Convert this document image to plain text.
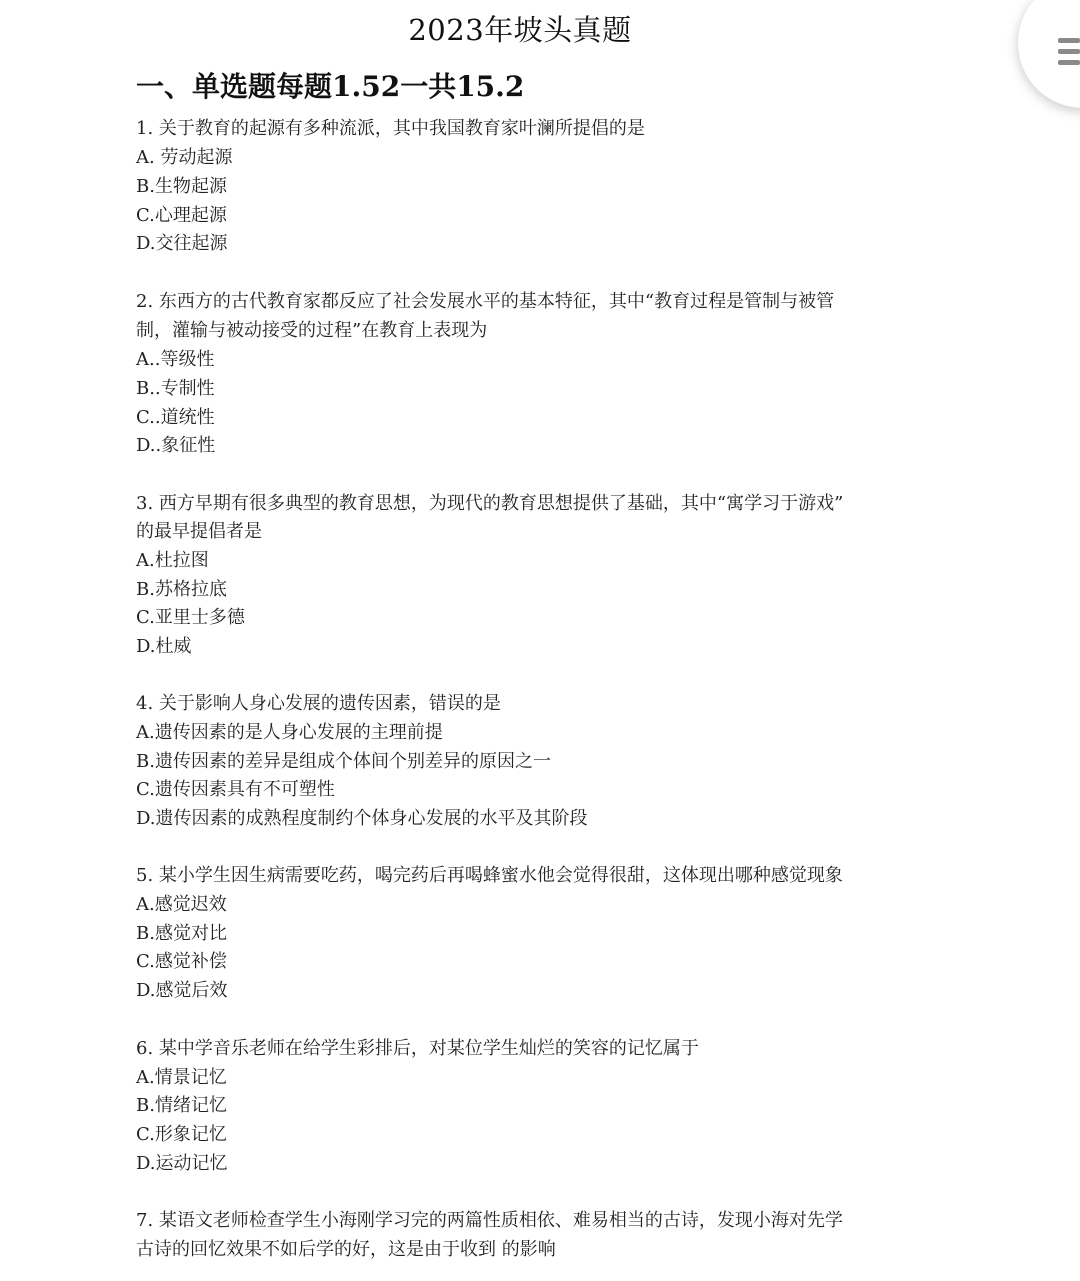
2023年坡头真题
一、单选题每题1.52一共15.2
1. 关于教育的起源有多种流派，其中我国教育家叶澜所提倡的是
A. 劳动起源
B.生物起源
C.心理起源
D.交往起源
2. 东西方的古代教育家都反应了社会发展水平的基本特征，其中“教育过程是管制与被管
制，灌输与被动接受的过程”在教育上表现为
A..等级性
B..专制性
C..道统性
D..象征性
3. 西方早期有很多典型的教育思想，为现代的教育思想提供了基础，其中“寓学习于游戏”
的最早提倡者是
A.杜拉图
B.苏格拉底
C.亚里士多德
D.杜威
4. 关于影响人身心发展的遗传因素，错误的是
A.遗传因素的是人身心发展的主理前提
B.遗传因素的差异是组成个体间个别差异的原因之一
C.遗传因素具有不可塑性
D.遗传因素的成熟程度制约个体身心发展的水平及其阶段
5. 某小学生因生病需要吃药，喝完药后再喝蜂蜜水他会觉得很甜，这体现出哪种感觉现象
A.感觉迟效
B.感觉对比
C.感觉补偿
D.感觉后效
6. 某中学音乐老师在给学生彩排后，对某位学生灿烂的笑容的记忆属于
A.情景记忆
B.情绪记忆
C.形象记忆
D.运动记忆
7. 某语文老师检查学生小海刚学习完的两篇性质相依、难易相当的古诗，发现小海对先学
古诗的回忆效果不如后学的好，这是由于收到 的影响
